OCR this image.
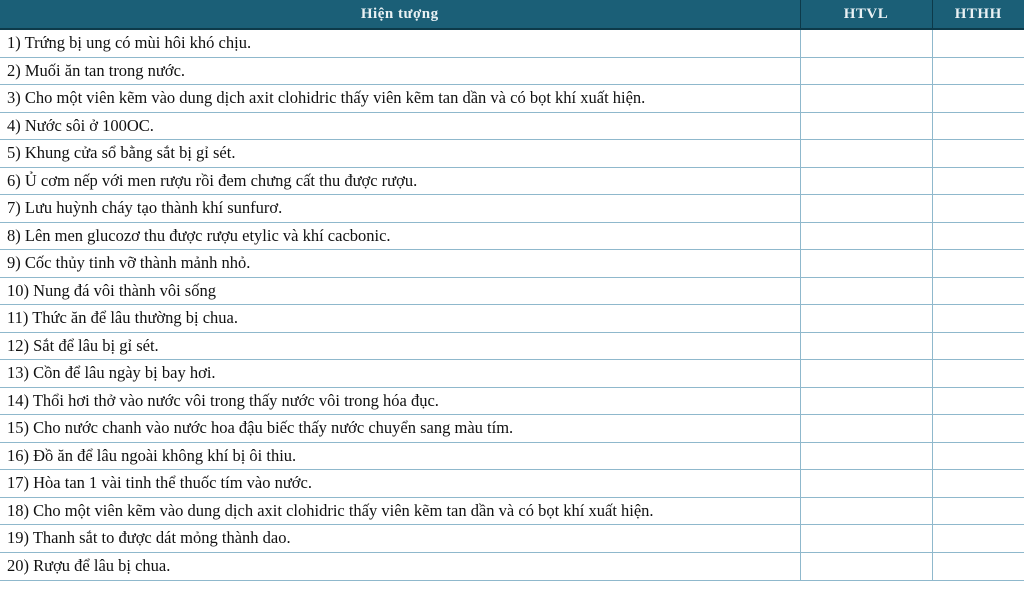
Hiện tượng	HTVL	HTHH
1) Trứng bị ung có mùi hôi khó chịu.		
2) Muối ăn tan trong nước.		
3) Cho một viên kẽm vào dung dịch axit clohidric thấy viên kẽm tan dần và có bọt khí xuất hiện.		
4) Nước sôi ở 100OC.		
5) Khung cửa sổ bằng sắt bị gỉ sét.		
6) Ủ cơm nếp với men rượu rồi đem chưng cất thu được rượu.		
7) Lưu huỳnh cháy tạo thành khí sunfurơ.		
8) Lên men glucozơ thu được rượu etylic và khí cacbonic.		
9) Cốc thủy tinh vỡ thành mảnh nhỏ.		
10) Nung đá vôi thành vôi sống		
11) Thức ăn để lâu thường bị chua.		
12) Sắt để lâu bị gỉ sét.		
13) Cồn để lâu ngày bị bay hơi.		
14) Thổi hơi thở vào nước vôi trong thấy nước vôi trong hóa đục.		
15) Cho nước chanh vào nước hoa đậu biếc thấy nước chuyển sang màu tím.		
16) Đồ ăn để lâu ngoài không khí bị ôi thiu.		
17) Hòa tan 1 vài tinh thể thuốc tím vào nước.		
18) Cho một viên kẽm vào dung dịch axit clohidric thấy viên kẽm tan dần và có bọt khí xuất hiện.		
19) Thanh sắt to được dát mỏng thành dao.		
20) Rượu để lâu bị chua.		
